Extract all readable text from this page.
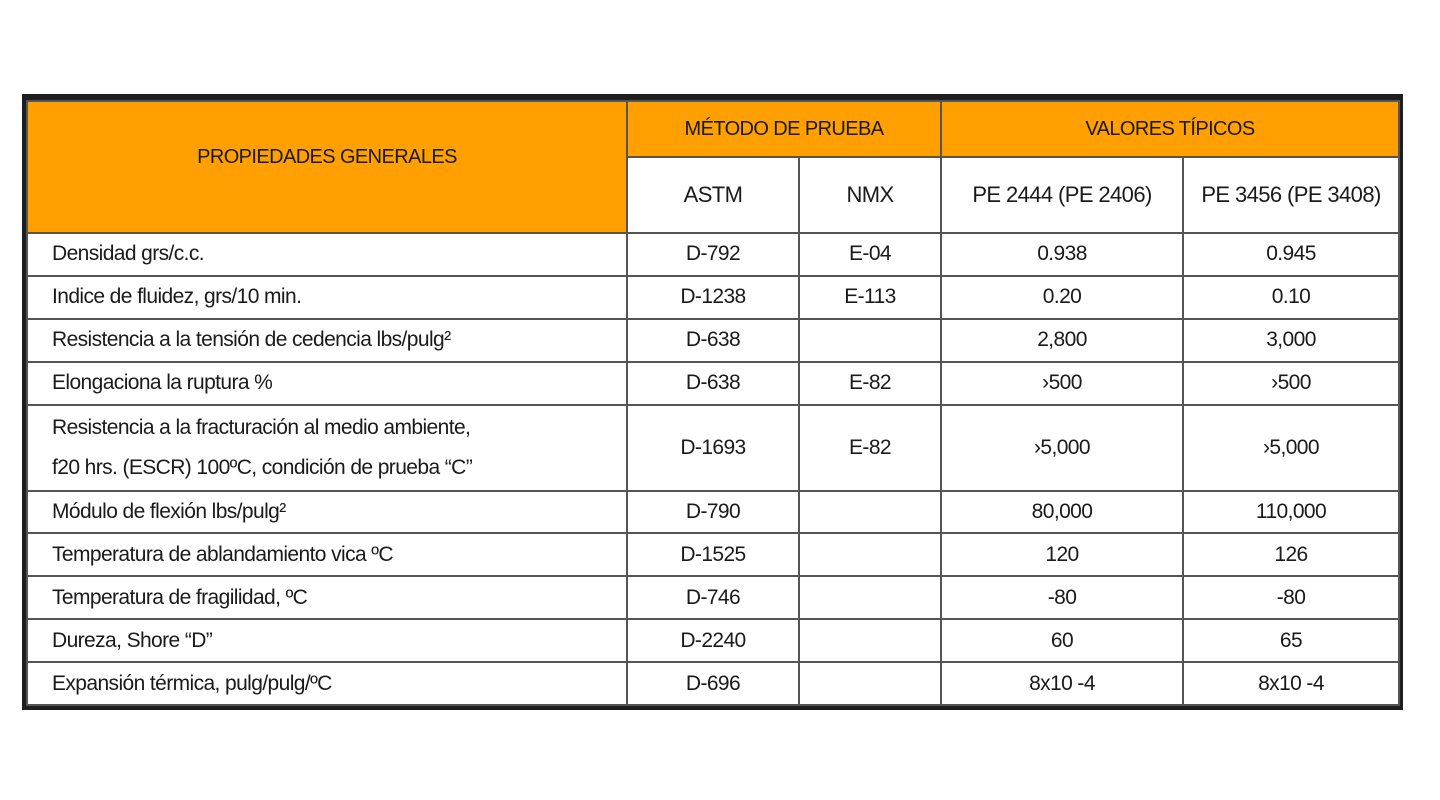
PROPIEDADES GENERALES	MÉTODO DE PRUEBA		VALORES TÍPICOS	
	ASTM	NMX	PE 2444 (PE 2406)	PE 3456 (PE 3408)
Densidad grs/c.c.	D-792	E-04	0.938	0.945
Indice de fluidez, grs/10 min.	D-1238	E-113	0.20	0.10
Resistencia a la tensión de cedencia lbs/pulg²	D-638		2,800	3,000
Elongaciona la ruptura %	D-638	E-82	›500	›500

Resistencia a la fracturación al medio ambiente,
f20 hrs. (ESCR) 100ºC, condición de prueba “C”	D-1693	E-82	›5,000	›5,000
Módulo de flexión lbs/pulg²	D-790		80,000	110,000
Temperatura de ablandamiento vica ºC	D-1525		120	126
Temperatura de fragilidad, ºC	D-746		-80	-80
Dureza, Shore “D”	D-2240		60	65
Expansión térmica, pulg/pulg/ºC	D-696		8x10 -4	8x10 -4
